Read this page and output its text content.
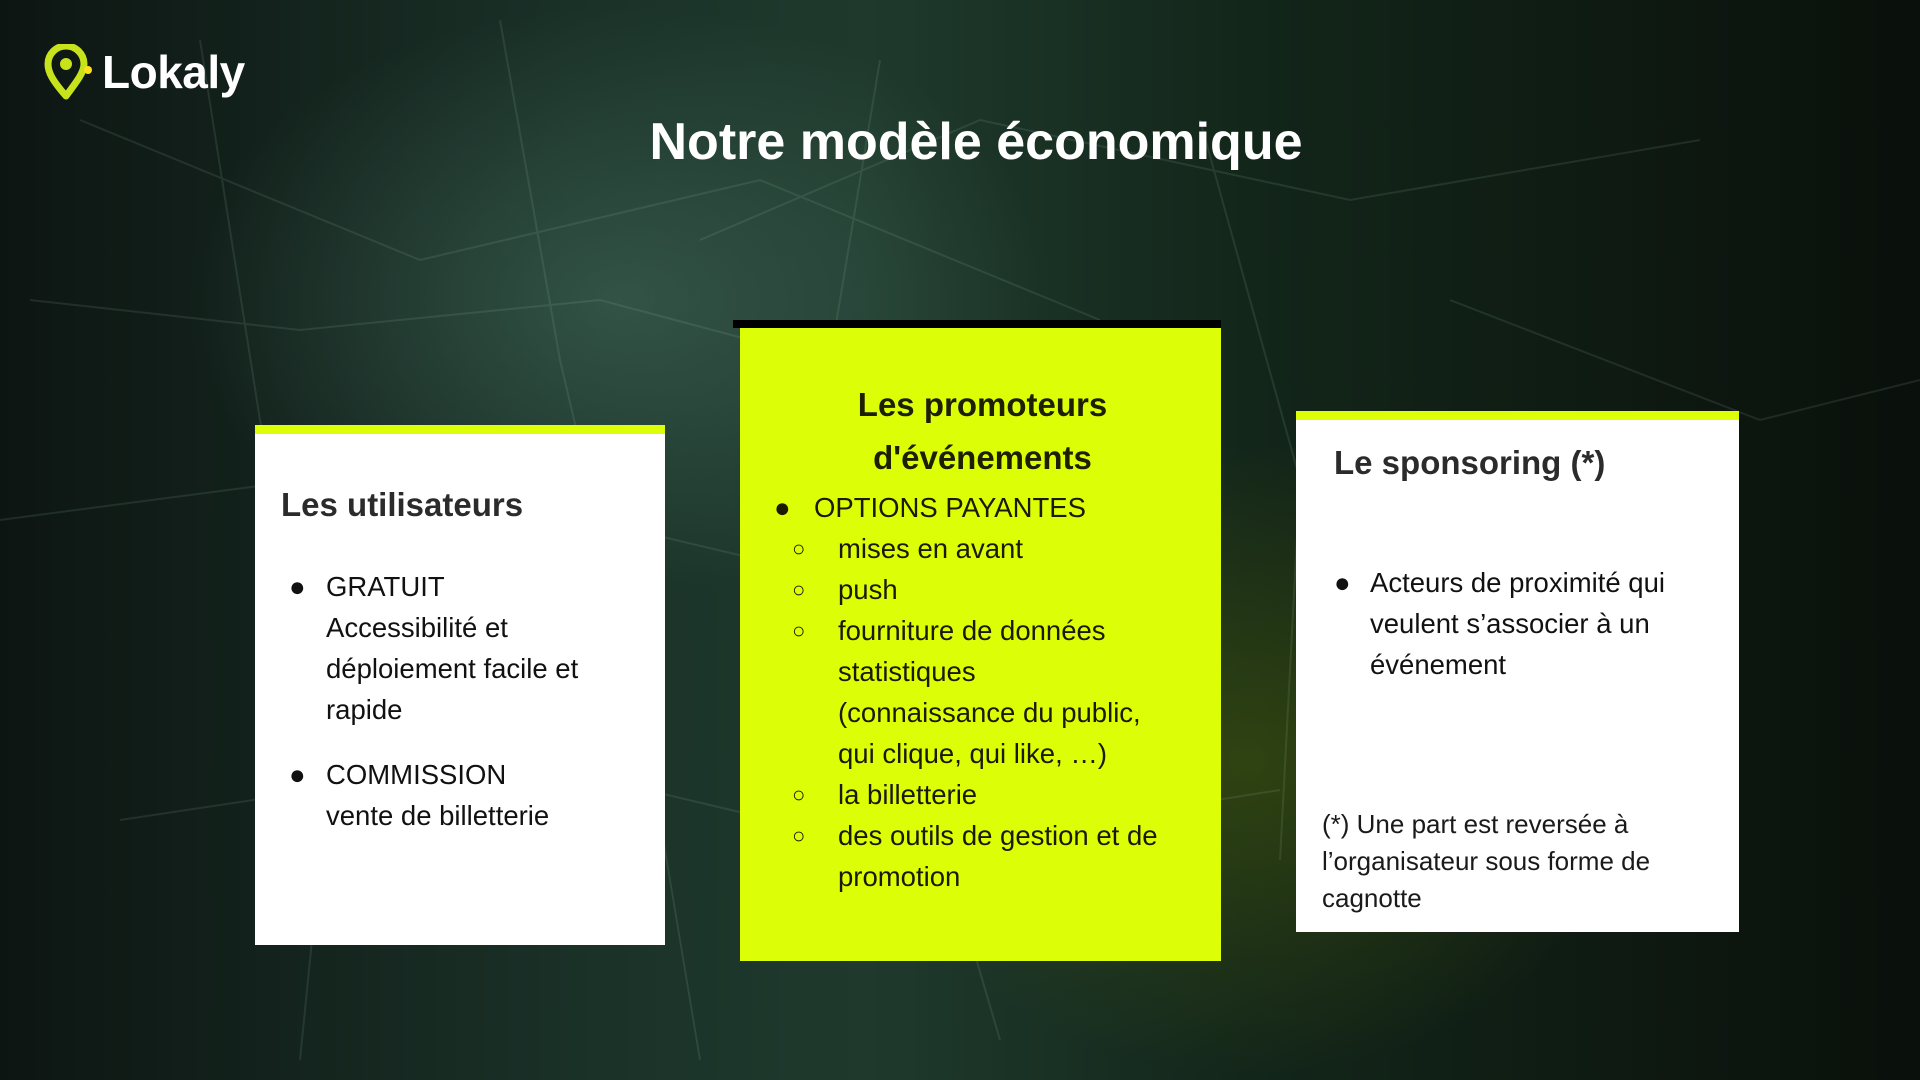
Lokaly
Notre modèle économique
Les utilisateurs
● GRATUIT
Accessibilité et
déploiement facile et
rapide
● COMMISSION
vente de billetterie
Les promoteurs
d'événements
● OPTIONS PAYANTES
○ mises en avant
○ push
○ fourniture de données
statistiques
(connaissance du public,
qui clique, qui like, …)
○ la billetterie
○ des outils de gestion et de
promotion
Le sponsoring (*)
● Acteurs de proximité qui
veulent s’associer à un
événement
(*) Une part est reversée à
l’organisateur sous forme de
cagnotte
